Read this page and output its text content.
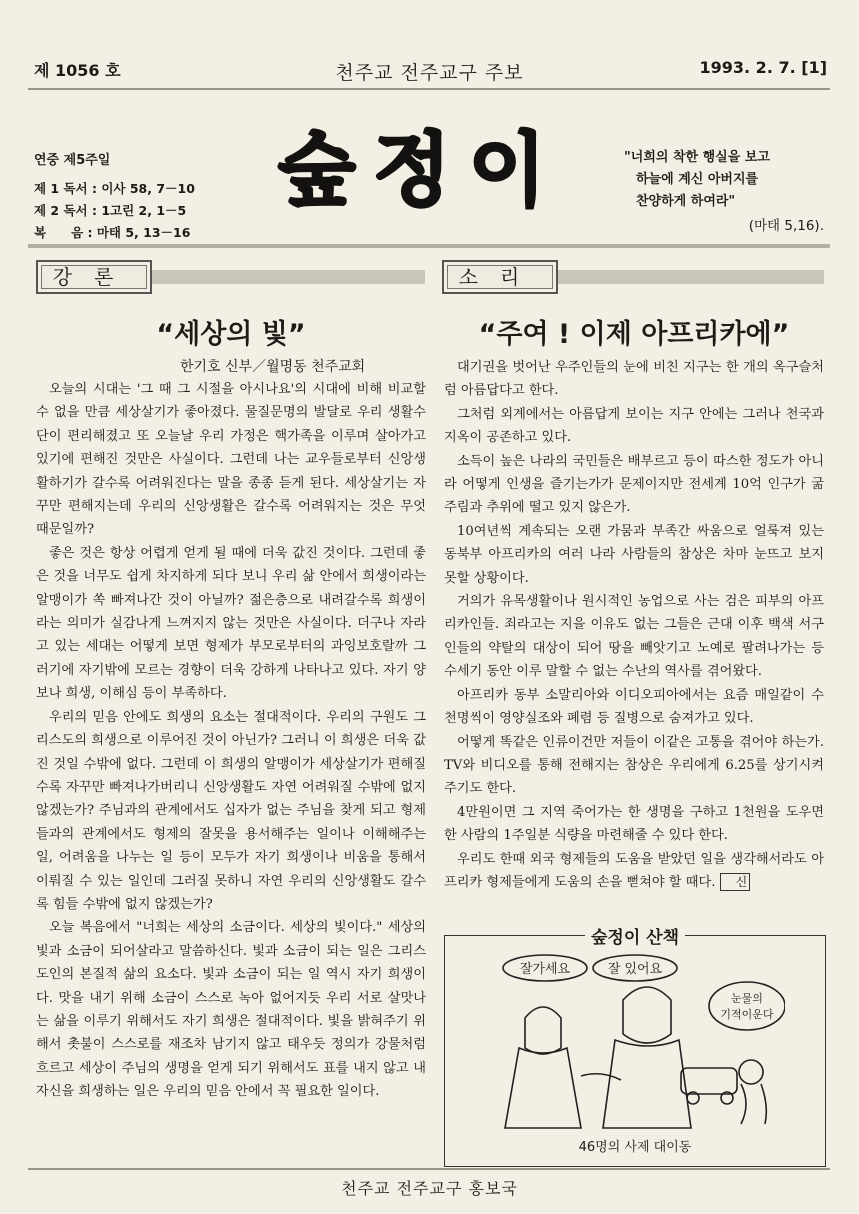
천주교 전주교구 주보
제 1056 호	1993. 2. 7. [1]
연중 제5주일
제 1 독서 : 이사 58, 7－10
제 2 독서 : 1고린 2, 1－5
복　　음 : 마태 5, 13－16
숲정이	"너희의 착한 행실을 보고
하늘에 계신 아버지를
찬양하게 하여라"
(마태 5,16).
강론
“세상의 빛”
한기호 신부／월명동 천주교회

오늘의 시대는 '그 때 그 시절을 아시나요'의 시대에 비해 비교할 수 없을 만큼 세상살기가 좋아졌다. 물질문명의 발달로 우리 생활수단이 편리해졌고 또 오늘날 우리 가정은 핵가족을 이루며 살아가고 있기에 편해진 것만은 사실이다. 그런데 나는 교우들로부터 신앙생활하기가 갈수록 어려워진다는 말을 종종 듣게 된다. 세상살기는 자꾸만 편해지는데 우리의 신앙생활은 갈수록 어려워지는 것은 무엇 때문일까?

좋은 것은 항상 어렵게 얻게 될 때에 더욱 값진 것이다. 그런데 좋은 것을 너무도 쉽게 차지하게 되다 보니 우리 삶 안에서 희생이라는 알맹이가 쏙 빠져나간 것이 아닐까? 젊은층으로 내려갈수록 희생이라는 의미가 실감나게 느껴지지 않는 것만은 사실이다. 더구나 자라고 있는 세대는 어떻게 보면 형제가 부모로부터의 과잉보호랄까 그러기에 자기밖에 모르는 경향이 더욱 강하게 나타나고 있다. 자기 양보나 희생, 이해심 등이 부족하다.

우리의 믿음 안에도 희생의 요소는 절대적이다. 우리의 구원도 그리스도의 희생으로 이루어진 것이 아닌가? 그러니 이 희생은 더욱 값진 것일 수밖에 없다. 그런데 이 희생의 알맹이가 세상살기가 편해질수록 자꾸만 빠져나가버리니 신앙생활도 자연 어려워질 수밖에 없지 않겠는가? 주님과의 관계에서도 십자가 없는 주님을 찾게 되고 형제들과의 관계에서도 형제의 잘못을 용서해주는 일이나 이해해주는 일, 어려움을 나누는 일 등이 모두가 자기 희생이나 비움을 통해서 이뤄질 수 있는 일인데 그러질 못하니 자연 우리의 신앙생활도 갈수록 힘들 수밖에 없지 않겠는가?

오늘 복음에서 "너희는 세상의 소금이다. 세상의 빛이다." 세상의 빛과 소금이 되어살라고 말씀하신다. 빛과 소금이 되는 일은 그리스도인의 본질적 삶의 요소다. 빛과 소금이 되는 일 역시 자기 희생이다. 맛을 내기 위해 소금이 스스로 녹아 없어지듯 우리 서로 살맛나는 삶을 이루기 위해서도 자기 희생은 절대적이다. 빛을 밝혀주기 위해서 촛불이 스스로를 재조차 남기지 않고 태우듯 정의가 강물처럼 흐르고 세상이 주님의 생명을 얻게 되기 위해서도 표를 내지 않고 내 자신을 희생하는 일은 우리의 믿음 안에서 꼭 필요한 일이다.

소리
“주여 ! 이제 아프리카에”

대기권을 벗어난 우주인들의 눈에 비친 지구는 한 개의 옥구슬처럼 아름답다고 한다.

그처럼 외계에서는 아름답게 보이는 지구 안에는 그러나 천국과 지옥이 공존하고 있다.

소득이 높은 나라의 국민들은 배부르고 등이 따스한 정도가 아니라 어떻게 인생을 즐기는가가 문제이지만 전세계 10억 인구가 굶주림과 추위에 떨고 있지 않은가.

10여년씩 계속되는 오랜 가뭄과 부족간 싸움으로 얼룩져 있는 동북부 아프리카의 여러 나라 사람들의 참상은 차마 눈뜨고 보지 못할 상황이다.

거의가 유목생활이나 원시적인 농업으로 사는 검은 피부의 아프리카인들. 죄라고는 지을 이유도 없는 그들은 근대 이후 백색 서구인들의 약탈의 대상이 되어 땅을 빼앗기고 노예로 팔려나가는 등 수세기 동안 이루 말할 수 없는 수난의 역사를 겪어왔다.

아프리카 동부 소말리아와 이디오피아에서는 요즘 매일같이 수천명씩이 영양실조와 폐렴 등 질병으로 숨져가고 있다.

어떻게 똑같은 인류이건만 저들이 이같은 고통을 겪어야 하는가. TV와 비디오를 통해 전해지는 참상은 우리에게 6.25를 상기시켜주기도 한다.

4만원이면 그 지역 죽어가는 한 생명을 구하고 1천원을 도우면 한 사람의 1주일분 식량을 마련해줄 수 있다 한다.

우리도 한때 외국 형제들의 도움을 받았던 일을 생각해서라도 아프리카 형제들에게 도움의 손을 뻗쳐야 할 때다. 신

숲정이 산책
잘가세요	잘 있어요
눈물의
기적이운다
46명의 사제 대이동
천주교 전주교구 홍보국
